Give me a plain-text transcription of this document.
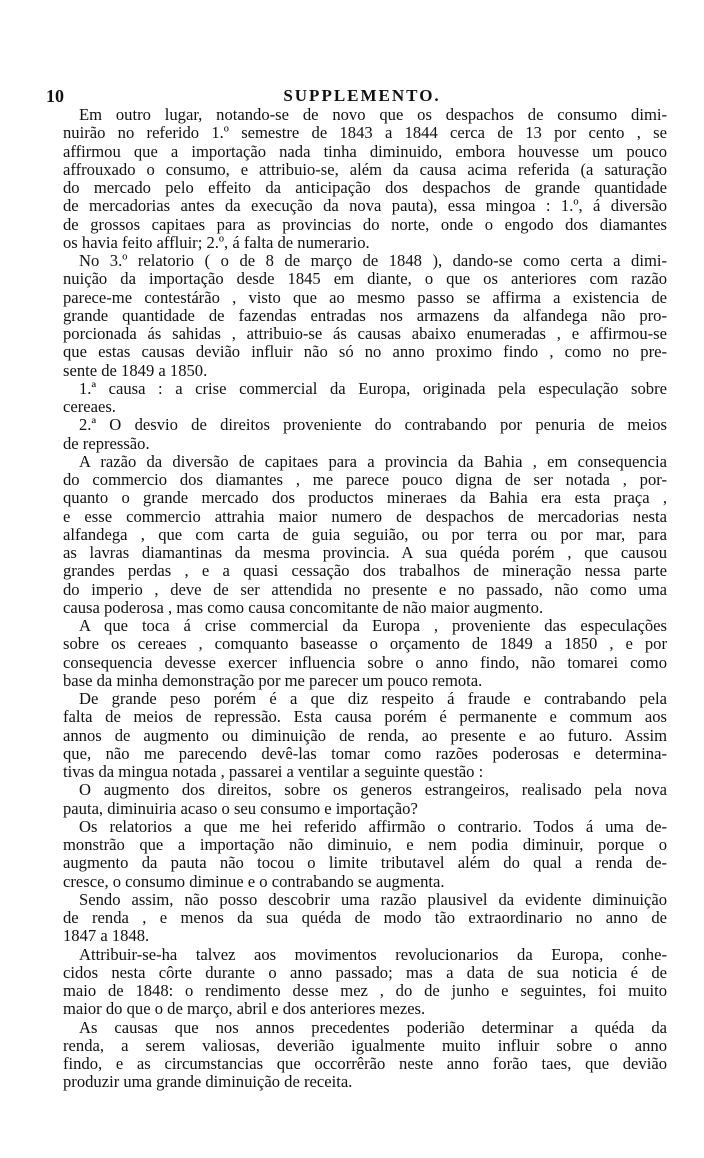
10	SUPPLEMENTO.
Em outro lugar, notando-se de novo que os despachos de consumo dimi-
nuirão no referido 1.º semestre de 1843 a 1844 cerca de 13 por cento , se
affirmou que a importação nada tinha diminuido, embora houvesse um pouco
affrouxado o consumo, e attribuio-se, além da causa acima referida (a saturação
do mercado pelo effeito da anticipação dos despachos de grande quantidade
de mercadorias antes da execução da nova pauta), essa mingoa : 1.º, á diversão
de grossos capitaes para as provincias do norte, onde o engodo dos diamantes
os havia feito affluir; 2.º, á falta de numerario.
No 3.º relatorio ( o de 8 de março de 1848 ), dando-se como certa a dimi-
nuição da importação desde 1845 em diante, o que os anteriores com razão
parece-me contestárão , visto que ao mesmo passo se affirma a existencia de
grande quantidade de fazendas entradas nos armazens da alfandega não pro-
porcionada ás sahidas , attribuio-se ás causas abaixo enumeradas , e affirmou-se
que estas causas devião influir não só no anno proximo findo , como no pre-
sente de 1849 a 1850.
1.ª causa : a crise commercial da Europa, originada pela especulação sobre
cereaes.
2.ª O desvio de direitos proveniente do contrabando por penuria de meios
de repressão.
A razão da diversão de capitaes para a provincia da Bahia , em consequencia
do commercio dos diamantes , me parece pouco digna de ser notada , por-
quanto o grande mercado dos productos mineraes da Bahia era esta praça ,
e esse commercio attrahia maior numero de despachos de mercadorias nesta
alfandega , que com carta de guia seguião, ou por terra ou por mar, para
as lavras diamantinas da mesma provincia. A sua quéda porém , que causou
grandes perdas , e a quasi cessação dos trabalhos de mineração nessa parte
do imperio , deve de ser attendida no presente e no passado, não como uma
causa poderosa , mas como causa concomitante de não maior augmento.
A que toca á crise commercial da Europa , proveniente das especulações
sobre os cereaes , comquanto baseasse o orçamento de 1849 a 1850 , e por
consequencia devesse exercer influencia sobre o anno findo, não tomarei como
base da minha demonstração por me parecer um pouco remota.
De grande peso porém é a que diz respeito á fraude e contrabando pela
falta de meios de repressão. Esta causa porém é permanente e commum aos
annos de augmento ou diminuição de renda, ao presente e ao futuro. Assim
que, não me parecendo devê-las tomar como razões poderosas e determina-
tivas da mingua notada , passarei a ventilar a seguinte questão :
O augmento dos direitos, sobre os generos estrangeiros, realisado pela nova
pauta, diminuiria acaso o seu consumo e importação?
Os relatorios a que me hei referido affirmão o contrario. Todos á uma de-
monstrão que a importação não diminuio, e nem podia diminuir, porque o
augmento da pauta não tocou o limite tributavel além do qual a renda de-
cresce, o consumo diminue e o contrabando se augmenta.
Sendo assim, não posso descobrir uma razão plausivel da evidente diminuição
de renda , e menos da sua quéda de modo tão extraordinario no anno de
1847 a 1848.
Attribuir-se-ha talvez aos movimentos revolucionarios da Europa, conhe-
cidos nesta côrte durante o anno passado; mas a data de sua noticia é de
maio de 1848: o rendimento desse mez , do de junho e seguintes, foi muito
maior do que o de março, abril e dos anteriores mezes.
As causas que nos annos precedentes poderião determinar a quéda da
renda, a serem valiosas, deverião igualmente muito influir sobre o anno
findo, e as circumstancias que occorrêrão neste anno forão taes, que devião
produzir uma grande diminuição de receita.
